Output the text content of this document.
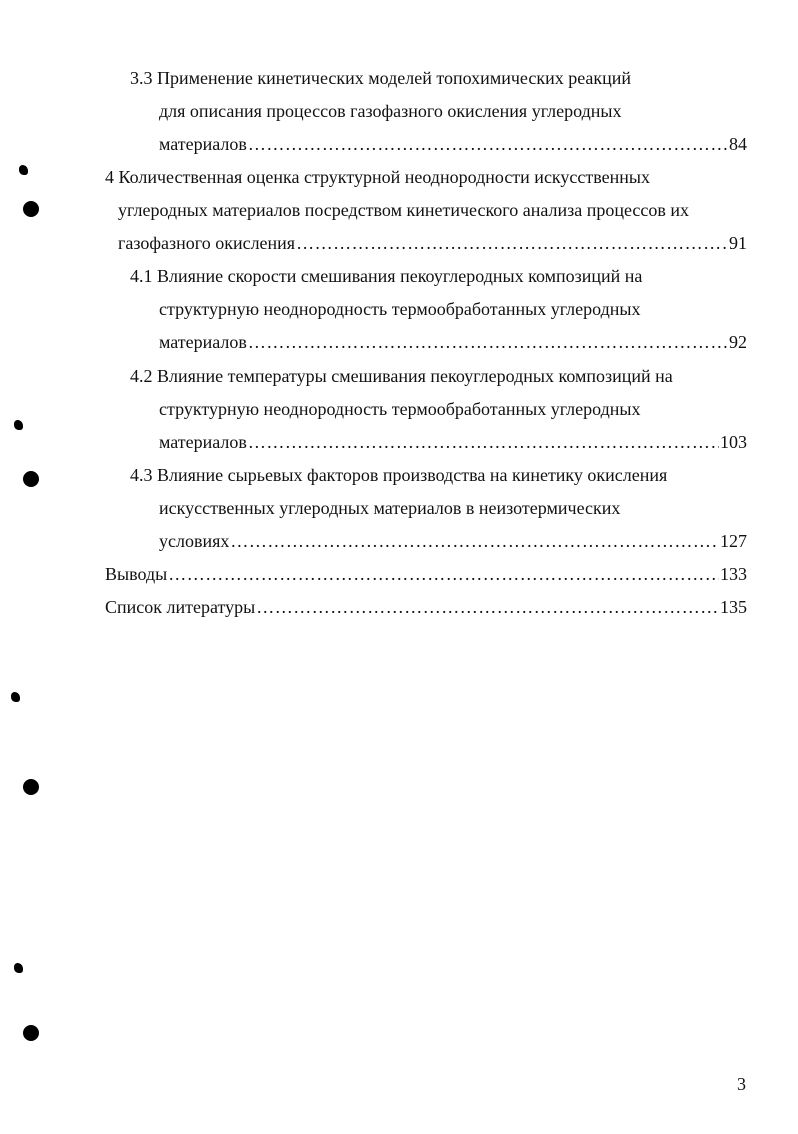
3.3 Применение кинетических моделей топохимических реакций
для описания процессов газофазного окисления углеродных
материалов ……………………………………………………………………………………………………………………………………………………	84
4 Количественная оценка структурной неоднородности искусственных
углеродных материалов посредством кинетического анализа процессов их
газофазного окисления ……………………………………………………………………………………………………………………………………………………	91
4.1 Влияние скорости смешивания пекоуглеродных композиций на
структурную неоднородность термообработанных углеродных
материалов ……………………………………………………………………………………………………………………………………………………	92
4.2 Влияние температуры смешивания пекоуглеродных композиций на
структурную неоднородность термообработанных углеродных
материалов ……………………………………………………………………………………………………………………………………………………	103
4.3 Влияние сырьевых факторов производства на кинетику окисления
искусственных углеродных материалов в неизотермических
условиях ……………………………………………………………………………………………………………………………………………………	127
Выводы ……………………………………………………………………………………………………………………………………………………	133
Список литературы ……………………………………………………………………………………………………………………………………………………	135
3
